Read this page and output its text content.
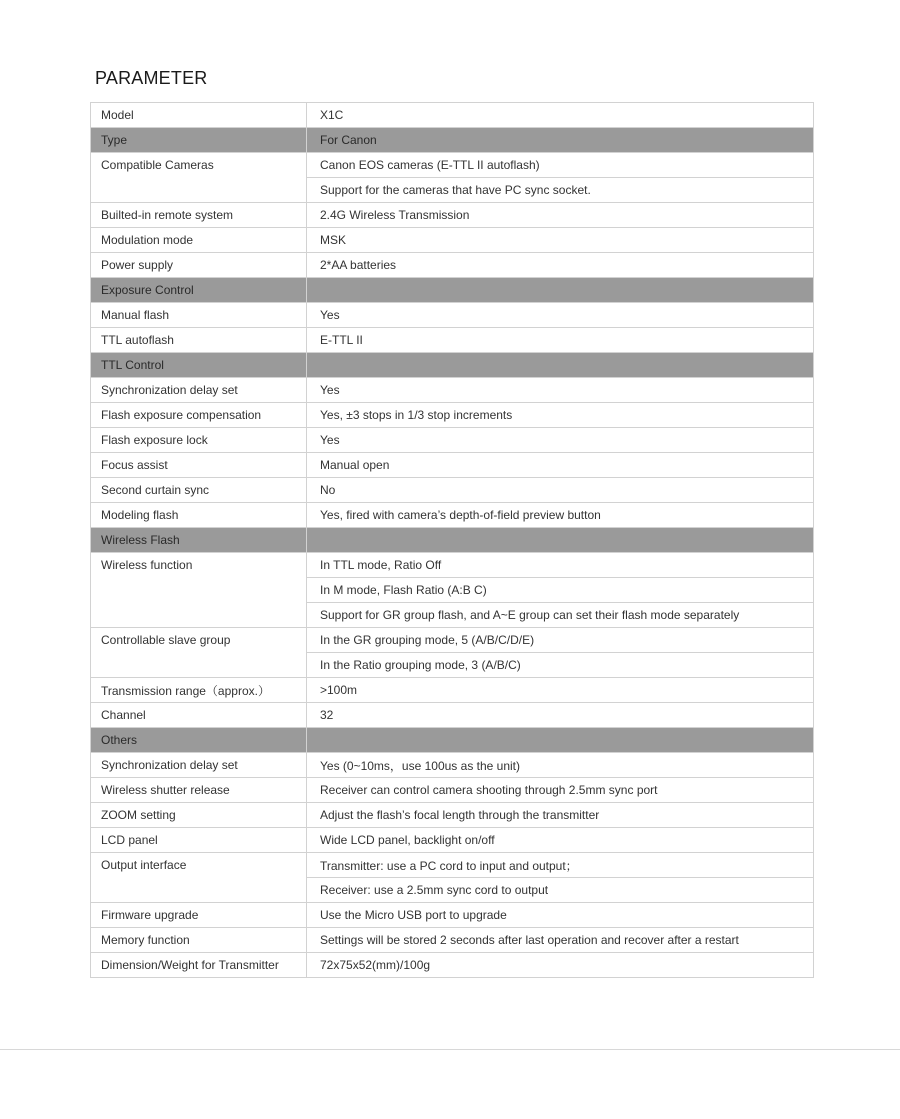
PARAMETER
Model	X1C
Type	For Canon
Compatible Cameras	Canon EOS cameras (E-TTL II autoflash)
	Support for the cameras that have PC sync socket.
Builted-in remote system	2.4G Wireless Transmission
Modulation mode	MSK
Power supply	2*AA batteries
Exposure Control	
Manual flash	Yes
TTL autoflash	E-TTL II
TTL Control	
Synchronization delay set	Yes
Flash exposure compensation	Yes, ±3 stops in 1/3 stop increments
Flash exposure lock	Yes
Focus assist	Manual open
Second curtain sync	No
Modeling flash	Yes, fired with camera’s depth-of-field preview button
Wireless Flash	
Wireless function	In TTL mode, Ratio Off
	In M mode, Flash Ratio (A:B C)
	Support for GR group flash, and A~E group can set their flash mode separately
Controllable slave group	In the GR grouping mode, 5 (A/B/C/D/E)
	In the Ratio grouping mode, 3 (A/B/C)
Transmission range（approx.）	>100m
Channel	32
Others	
Synchronization delay set	Yes (0~10ms，use 100us as the unit)
Wireless shutter release	Receiver can control camera shooting through 2.5mm sync port
ZOOM setting	Adjust the flash’s focal length through the transmitter
LCD panel	Wide LCD panel, backlight on/off
Output interface	Transmitter: use a PC cord to input and output；
	Receiver: use a 2.5mm sync cord to output
Firmware upgrade	Use the Micro USB port to upgrade
Memory function	Settings will be stored 2 seconds after last operation and recover after a restart
Dimension/Weight for Transmitter	72x75x52(mm)/100g
